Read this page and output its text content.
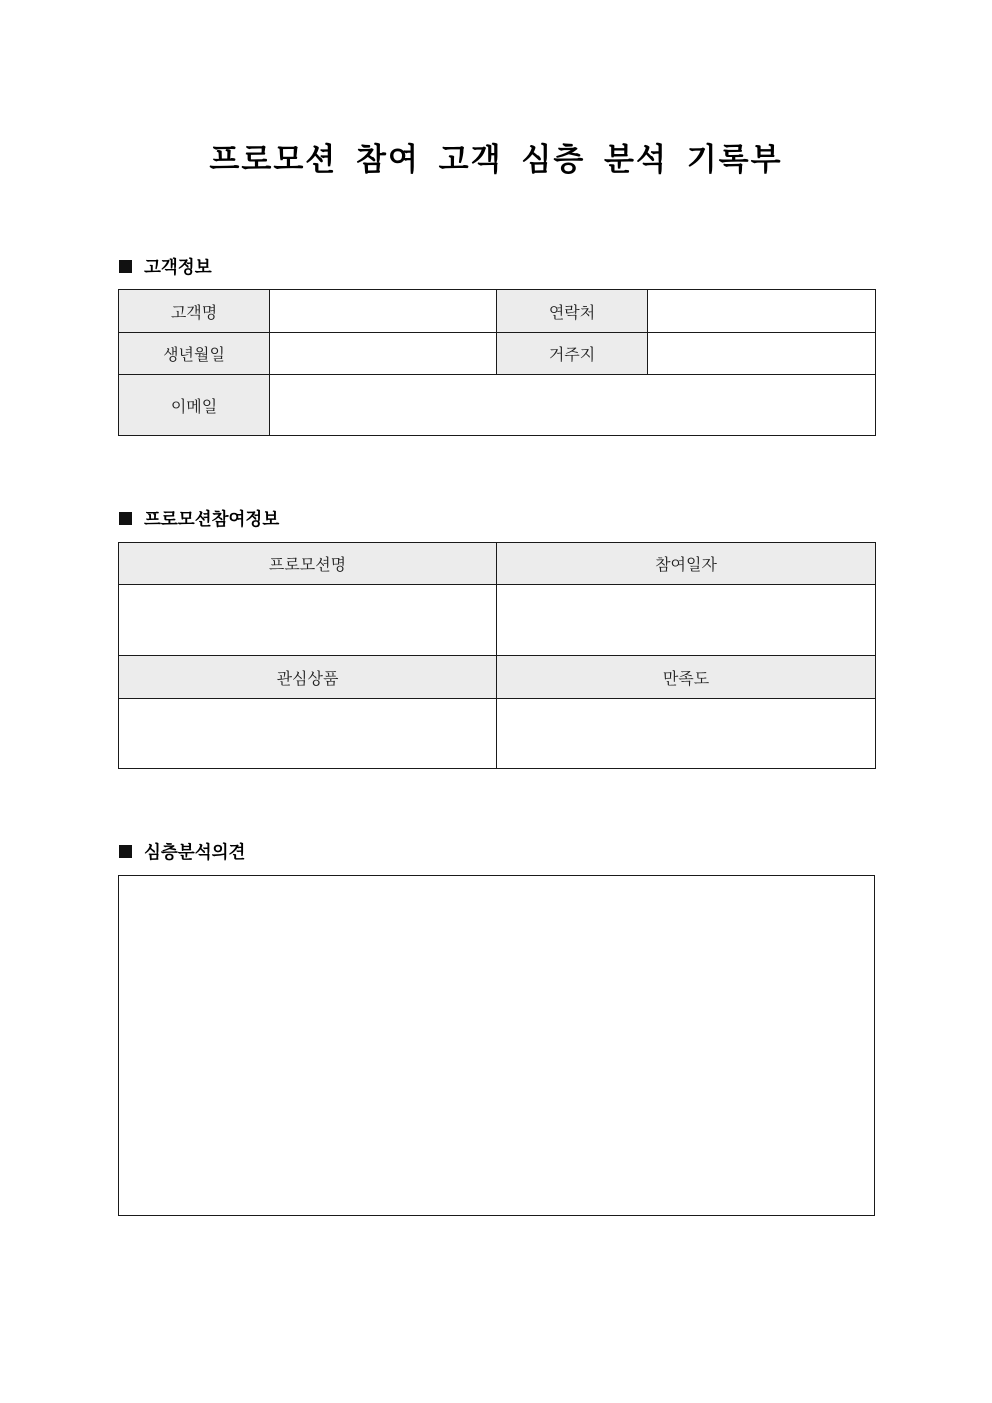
프로모션 참여 고객 심층 분석 기록부
고객정보
고객명		연락처	
생년월일		거주지	
이메일			
프로모션참여정보
프로모션명	참여일자

관심상품	만족도

심층분석의견
